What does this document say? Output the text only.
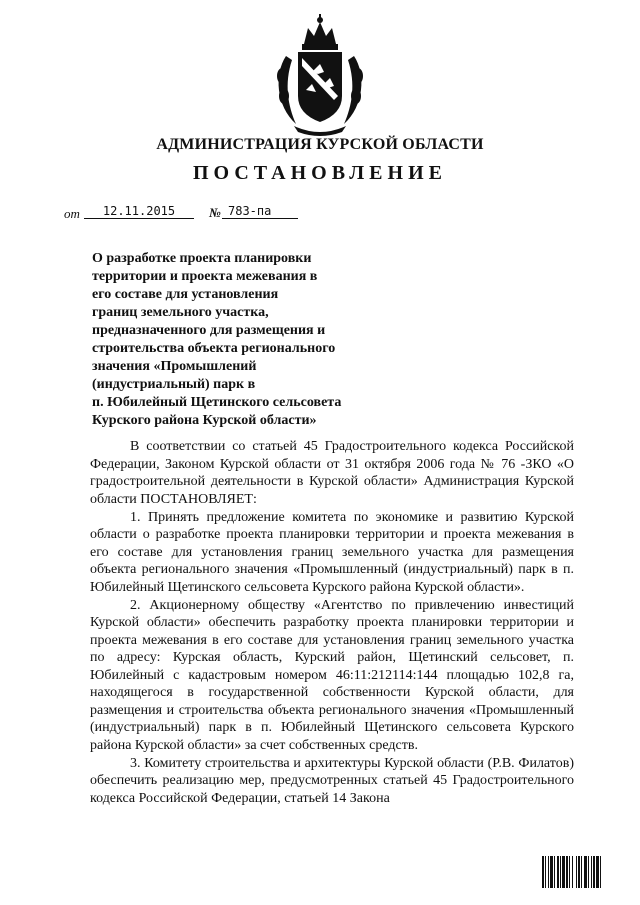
АДМИНИСТРАЦИЯ КУРСКОЙ ОБЛАСТИ
ПОСТАНОВЛЕНИЕ
от	12.11.2015	№ 783-па
О разработке проекта планировки
территории и проекта межевания в
его составе для установления
границ земельного участка,
предназначенного для размещения и
строительства объекта регионального
значения «Промышлений
(индустриальный) парк в
п. Юбилейный Щетинского сельсовета
Курского района Курской области»

В соответствии со статьей 45 Градостроительного кодекса Российской Федерации, Законом Курской области от 31 октября 2006 года № 76 -ЗКО «О градостроительной деятельности в Курской области» Администрация Курской области ПОСТАНОВЛЯЕТ:

1. Принять предложение комитета по экономике и развитию Курской области о разработке проекта планировки территории и проекта межевания в его составе для установления границ земельного участка для размещения объекта регионального значения «Промышленный (индустриальный) парк в п. Юбилейный Щетинского сельсовета Курского района Курской области».

2. Акционерному обществу «Агентство по привлечению инвестиций Курской области» обеспечить разработку проекта планировки территории и проекта межевания в его составе для установления границ земельного участка по адресу: Курская область, Курский район, Щетинский сельсовет, п. Юбилейный с кадастровым номером 46:11:212114:144 площадью 102,8 га, находящегося в государственной собственности Курской области, для размещения и строительства объекта регионального значения «Промышленный (индустриальный) парк в п. Юбилейный Щетинского сельсовета Курского района Курской области» за счет собственных средств.

3. Комитету строительства и архитектуры Курской области (Р.В. Филатов) обеспечить реализацию мер, предусмотренных статьей 45 Градостроительного кодекса Российской Федерации, статьей 14 Закона
